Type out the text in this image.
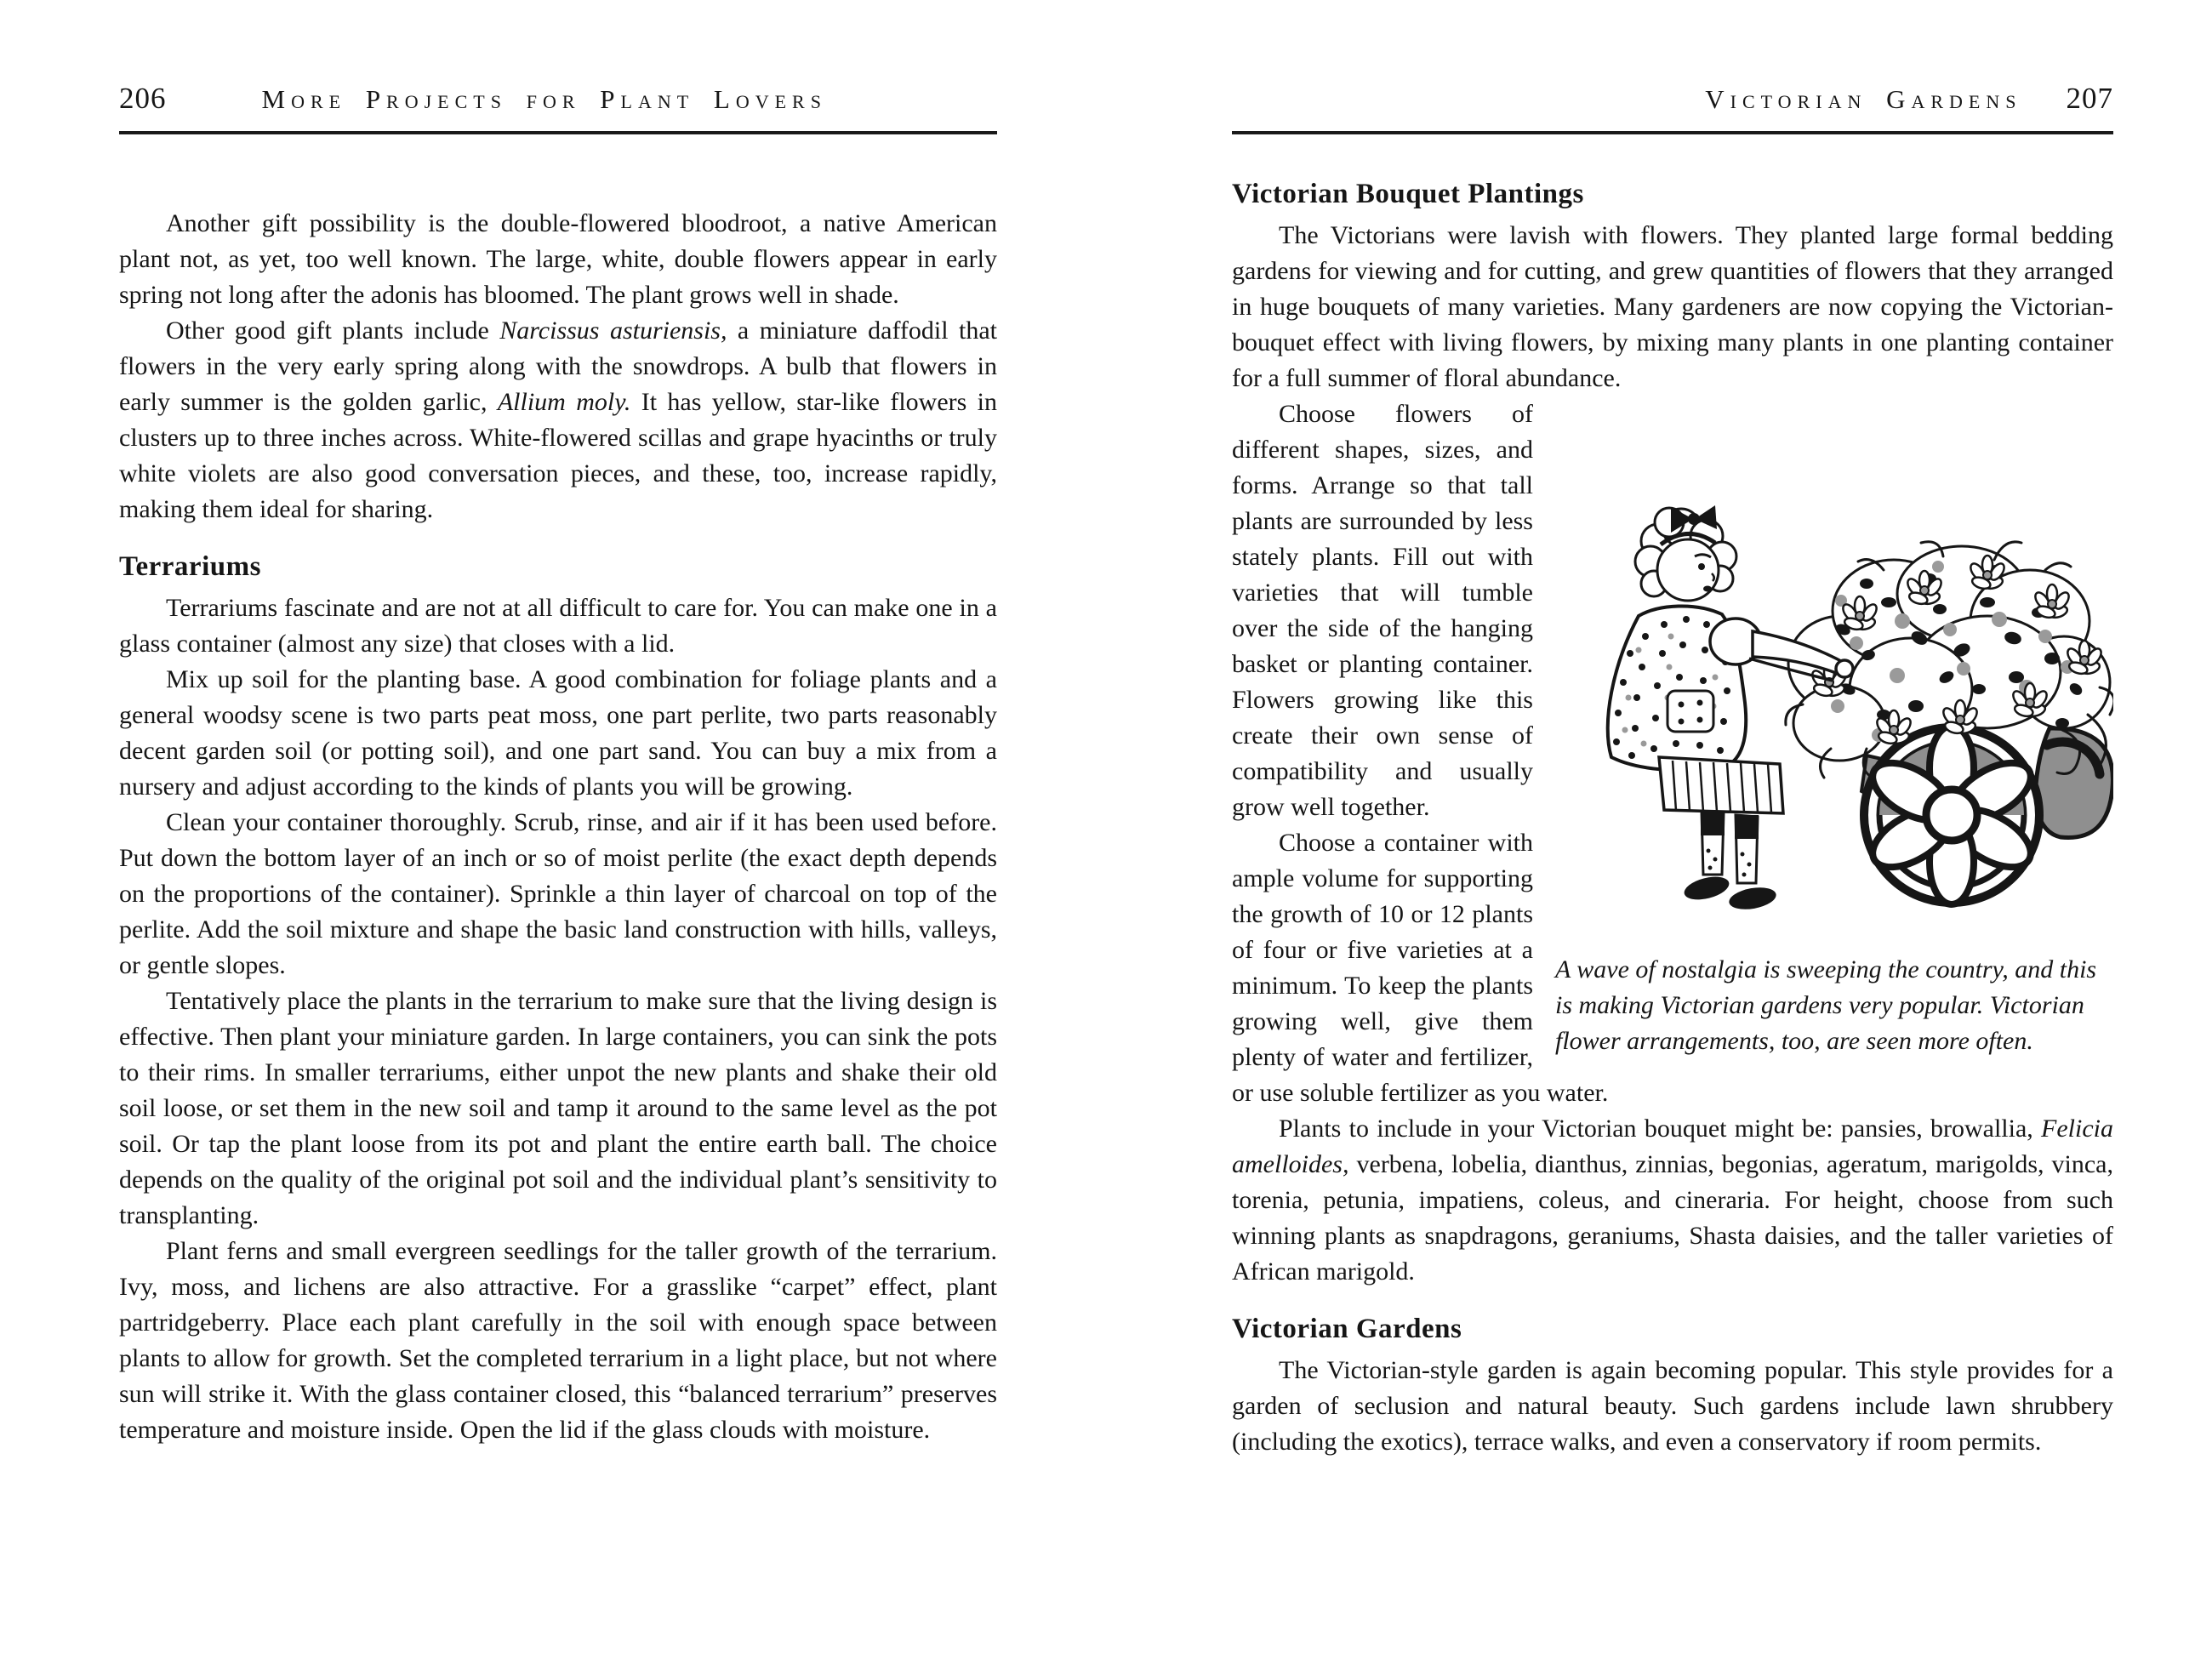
206	More Projects for Plant Lovers

Another gift possibility is the double-flowered bloodroot, a native American plant not, as yet, too well known. The large, white, double flowers appear in early spring not long after the adonis has bloomed. The plant grows well in shade.

Other good gift plants include Narcissus asturiensis, a miniature daffodil that flowers in the very early spring along with the snowdrops. A bulb that flowers in early summer is the golden garlic, Allium moly. It has yellow, star-like flowers in clusters up to three inches across. White-flowered scillas and grape hyacinths or truly white violets are also good conversation pieces, and these, too, increase rapidly, making them ideal for sharing.

Terrariums

Terrariums fascinate and are not at all difficult to care for. You can make one in a glass container (almost any size) that closes with a lid.

Mix up soil for the planting base. A good combination for foliage plants and a general woodsy scene is two parts peat moss, one part perlite, two parts reasonably decent garden soil (or potting soil), and one part sand. You can buy a mix from a nursery and adjust according to the kinds of plants you will be growing.

Clean your container thoroughly. Scrub, rinse, and air if it has been used before. Put down the bottom layer of an inch or so of moist perlite (the exact depth depends on the proportions of the container). Sprinkle a thin layer of charcoal on top of the perlite. Add the soil mixture and shape the basic land construction with hills, valleys, or gentle slopes.

Tentatively place the plants in the terrarium to make sure that the living design is effective. Then plant your miniature garden. In large containers, you can sink the pots to their rims. In smaller terrariums, either unpot the new plants and shake their old soil loose, or set them in the new soil and tamp it around to the same level as the pot soil. Or tap the plant loose from its pot and plant the entire earth ball. The choice depends on the quality of the original pot soil and the individual plant’s sensitivity to transplanting.

Plant ferns and small evergreen seedlings for the taller growth of the terrarium. Ivy, moss, and lichens are also attractive. For a grasslike “carpet” effect, plant partridgeberry. Place each plant carefully in the soil with enough space between plants to allow for growth. Set the completed terrarium in a light place, but not where sun will strike it. With the glass container closed, this “balanced terrarium” preserves temperature and moisture inside. Open the lid if the glass clouds with moisture.

Victorian Gardens 207
Victorian Bouquet Plantings

The Victorians were lavish with flowers. They planted large formal bedding gardens for viewing and for cutting, and grew quantities of flowers that they arranged in huge bouquets of many varieties. Many gardeners are now copying the Victorian-bouquet effect with living flowers, by mixing many plants in one planting container for a full summer of floral abundance.

A wave of nostalgia is sweeping the country, and this is making Victorian gardens very popular. Victorian flower arrangements, too, are seen more often.
Choose flowers of different shapes, sizes, and forms. Arrange so that tall plants are surrounded by less stately plants. Fill out with varieties that will tumble over the side of the hanging basket or planting container. Flowers growing like this create their own sense of compatibility and usually grow well together.

Choose a container with ample volume for supporting the growth of 10 or 12 plants of four or five varieties at a minimum. To keep the plants growing well, give them plenty of water and fertilizer, or use soluble fertilizer as you water.

Plants to include in your Victorian bouquet might be: pansies, browallia, Felicia amelloides, verbena, lobelia, dianthus, zinnias, begonias, ageratum, marigolds, vinca, torenia, petunia, impatiens, coleus, and cineraria. For height, choose from such winning plants as snapdragons, geraniums, Shasta daisies, and the taller varieties of African marigold.

Victorian Gardens

The Victorian-style garden is again becoming popular. This style provides for a garden of seclusion and natural beauty. Such gardens include lawn shrubbery (including the exotics), terrace walks, and even a conservatory if room permits.
